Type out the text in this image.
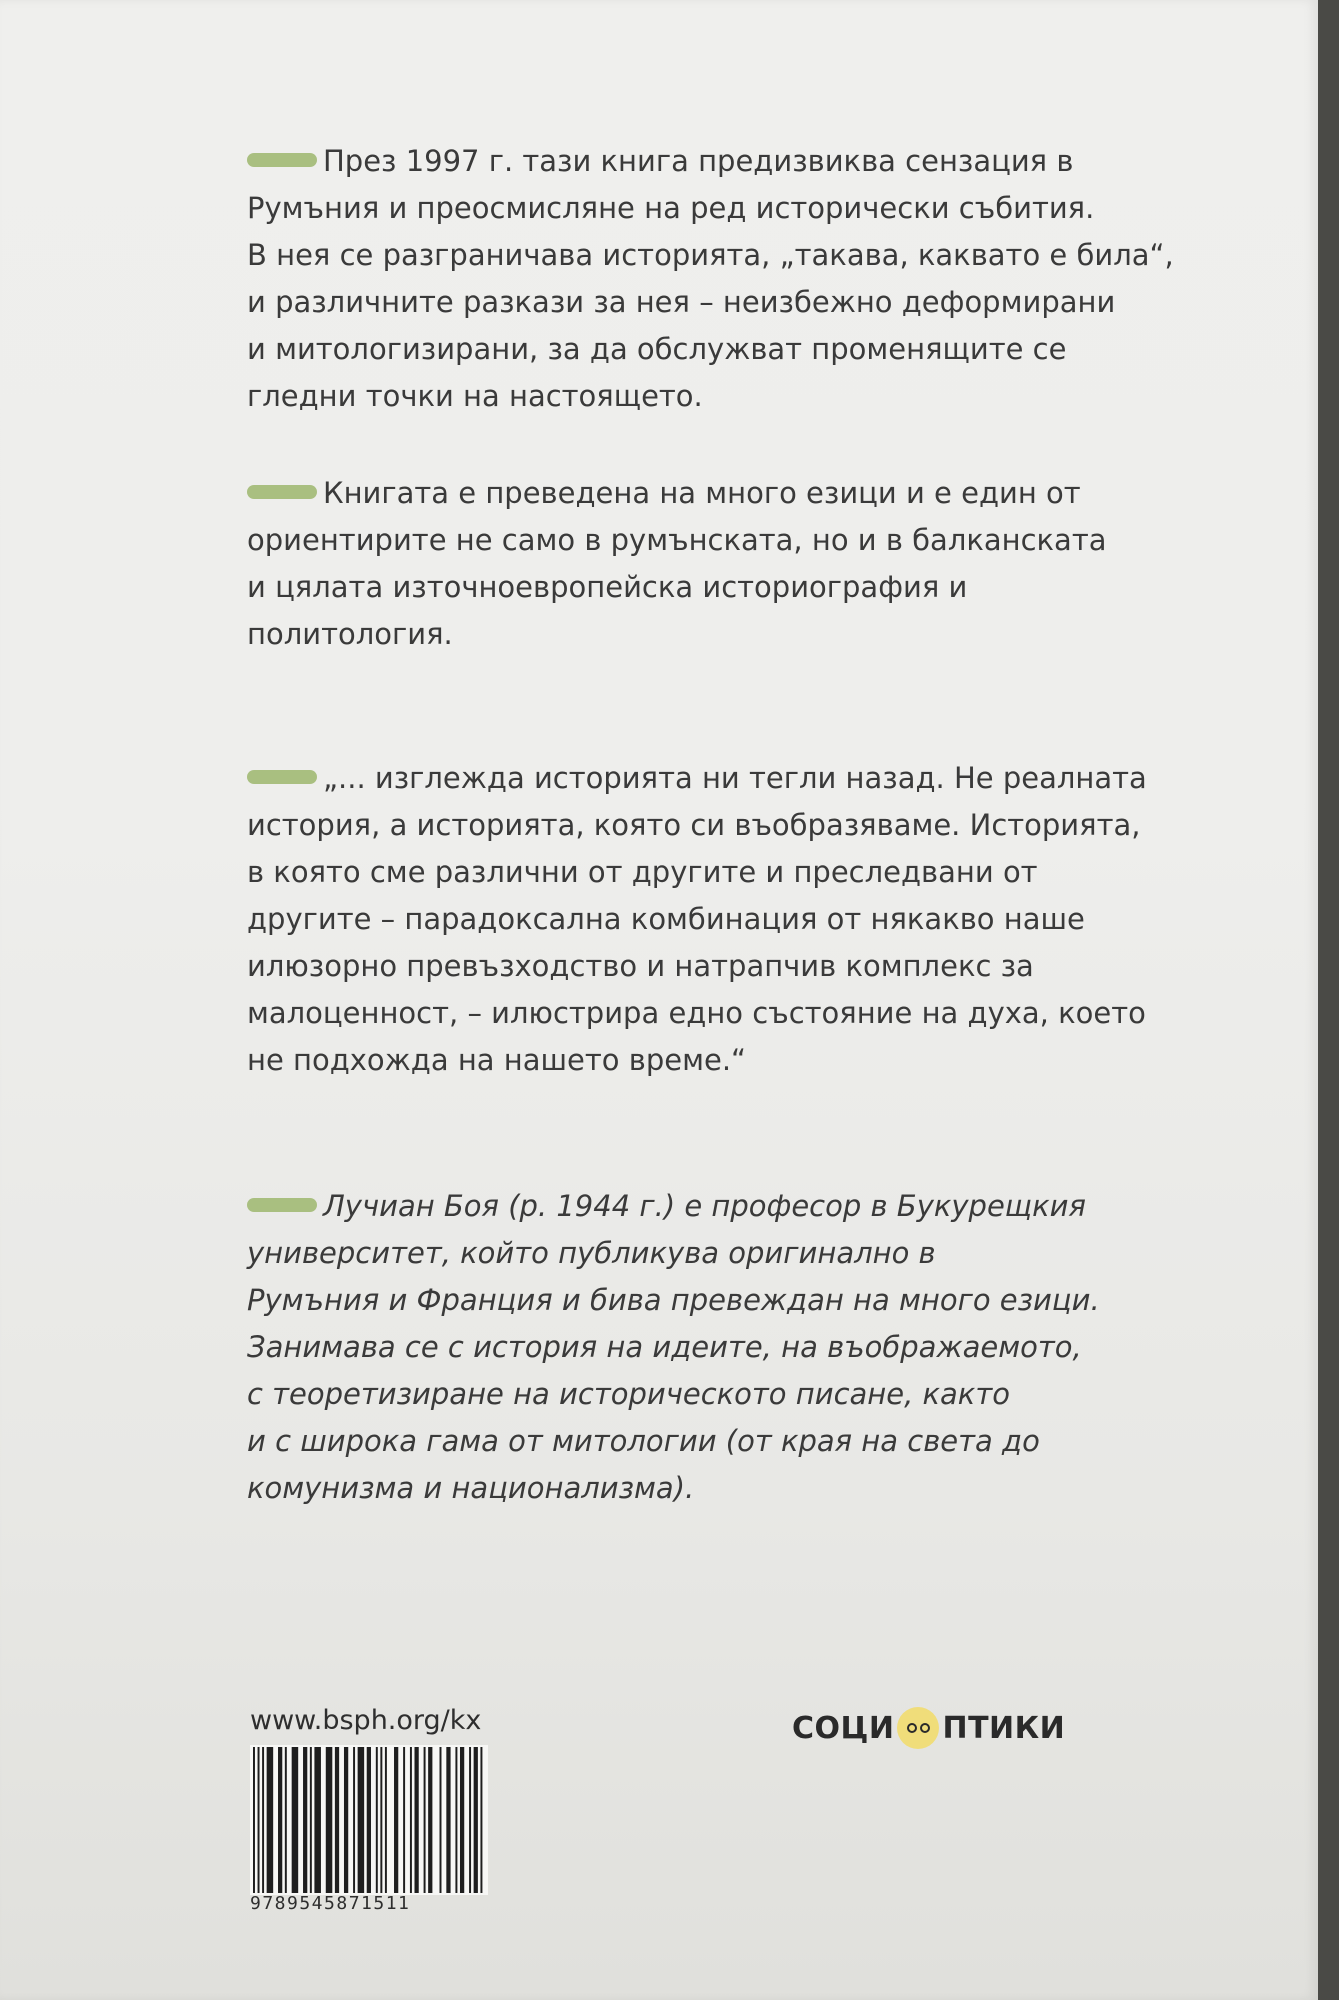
През 1997 г. тази книга предизвиква сензация в
Румъния и преосмисляне на ред исторически събития.
В нея се разграничава историята, „такава, каквато е била“,
и различните разкази за нея – неизбежно деформирани
и митологизирани, за да обслужват променящите се
гледни точки на настоящето.
Книгата е преведена на много езици и е един от
ориентирите не само в румънската, но и в балканската
и цялата източноевропейска историография и
политология.
„... изглежда историята ни тегли назад. Не реалната
история, а историята, която си въобразяваме. Историята,
в която сме различни от другите и преследвани от
другите – парадоксална комбинация от някакво наше
илюзорно превъзходство и натрапчив комплекс за
малоценност, – илюстрира едно състояние на духа, което
не подхожда на нашето време.“
Лучиан Боя (р. 1944 г.) е професор в Букурещкия
университет, който публикува оригинално в
Румъния и Франция и бива превеждан на много езици.
Занимава се с история на идеите, на въображаемото,
с теоретизиране на историческото писане, както
и с широка гама от митологии (от края на света до
комунизма и национализма).
www.bsph.org/kx
9789545871511
СОЦИ ПТИКИ
